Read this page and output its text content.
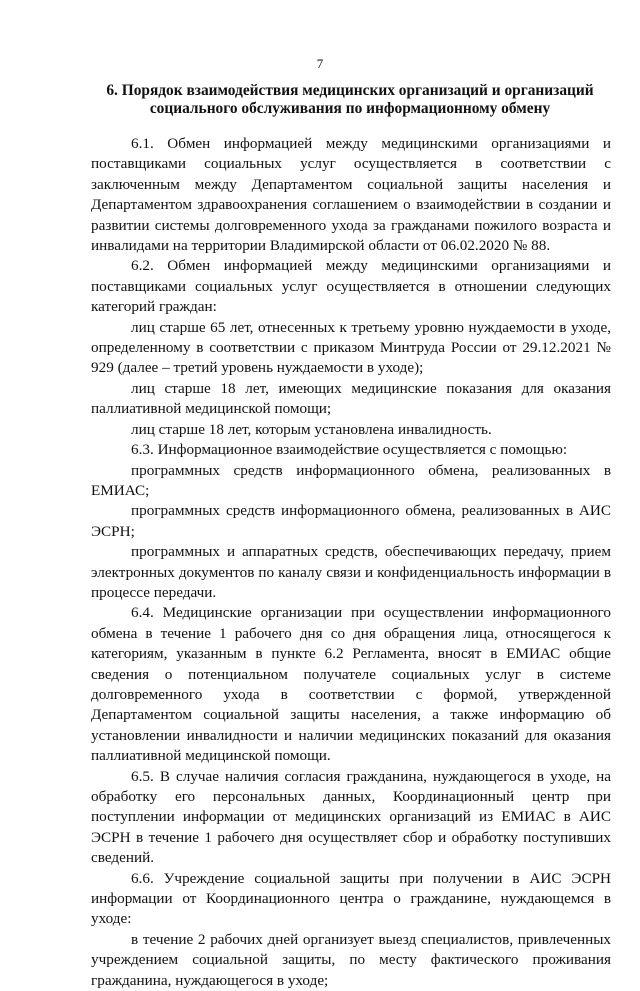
7
6. Порядок взаимодействия медицинских организаций и организаций социального обслуживания по информационному обмену

6.1. Обмен информацией между медицинскими организациями и поставщиками социальных услуг осуществляется в соответствии с заключенным между Департаментом социальной защиты населения и Департаментом здравоохранения соглашением о взаимодействии в создании и развитии системы долговременного ухода за гражданами пожилого возраста и инвалидами на территории Владимирской области от 06.02.2020 № 88.

6.2. Обмен информацией между медицинскими организациями и поставщиками социальных услуг осуществляется в отношении следующих категорий граждан:

лиц старше 65 лет, отнесенных к третьему уровню нуждаемости в уходе, определенному в соответствии с приказом Минтруда России от 29.12.2021 № 929 (далее – третий уровень нуждаемости в уходе);

лиц старше 18 лет, имеющих медицинские показания для оказания паллиативной медицинской помощи;

лиц старше 18 лет, которым установлена инвалидность.

6.3. Информационное взаимодействие осуществляется с помощью:

программных средств информационного обмена, реализованных в ЕМИАС;

программных средств информационного обмена, реализованных в АИС ЭСРН;

программных и аппаратных средств, обеспечивающих передачу, прием электронных документов по каналу связи и конфиденциальность информации в процессе передачи.

6.4. Медицинские организации при осуществлении информационного обмена в течение 1 рабочего дня со дня обращения лица, относящегося к категориям, указанным в пункте 6.2 Регламента, вносят в ЕМИАС общие сведения о потенциальном получателе социальных услуг в системе долговременного ухода в соответствии с формой, утвержденной Департаментом социальной защиты населения, а также информацию об установлении инвалидности и наличии медицинских показаний для оказания паллиативной медицинской помощи.

6.5. В случае наличия согласия гражданина, нуждающегося в уходе, на обработку его персональных данных, Координационный центр при поступлении информации от медицинских организаций из ЕМИАС в АИС ЭСРН в течение 1 рабочего дня осуществляет сбор и обработку поступивших сведений.

6.6. Учреждение социальной защиты при получении в АИС ЭСРН информации от Координационного центра о гражданине, нуждающемся в уходе:

в течение 2 рабочих дней организует выезд специалистов, привлеченных учреждением социальной защиты, по месту фактического проживания гражданина, нуждающегося в уходе;
